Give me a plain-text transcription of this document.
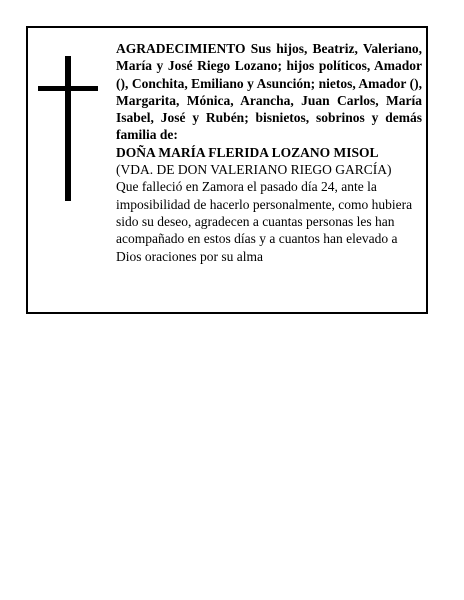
AGRADECIMIENTO Sus hijos, Beatriz, Valeriano, María y José Riego Lozano; hijos políticos, Amador (), Conchita, Emiliano y Asunción; nietos, Amador (), Margarita, Mónica, Arancha, Juan Carlos, María Isabel, José y Rubén; bisnietos, sobrinos y demás familia de:

DOÑA MARÍA FLERIDA LOZANO MISOL

(VDA. DE DON VALERIANO RIEGO GARCÍA)

Que falleció en Zamora el pasado día 24, ante la imposibilidad de hacerlo personalmente, como hubiera sido su deseo, agradecen a cuantas personas les han acompañado en estos días y a cuantos han elevado a Dios oraciones por su alma
